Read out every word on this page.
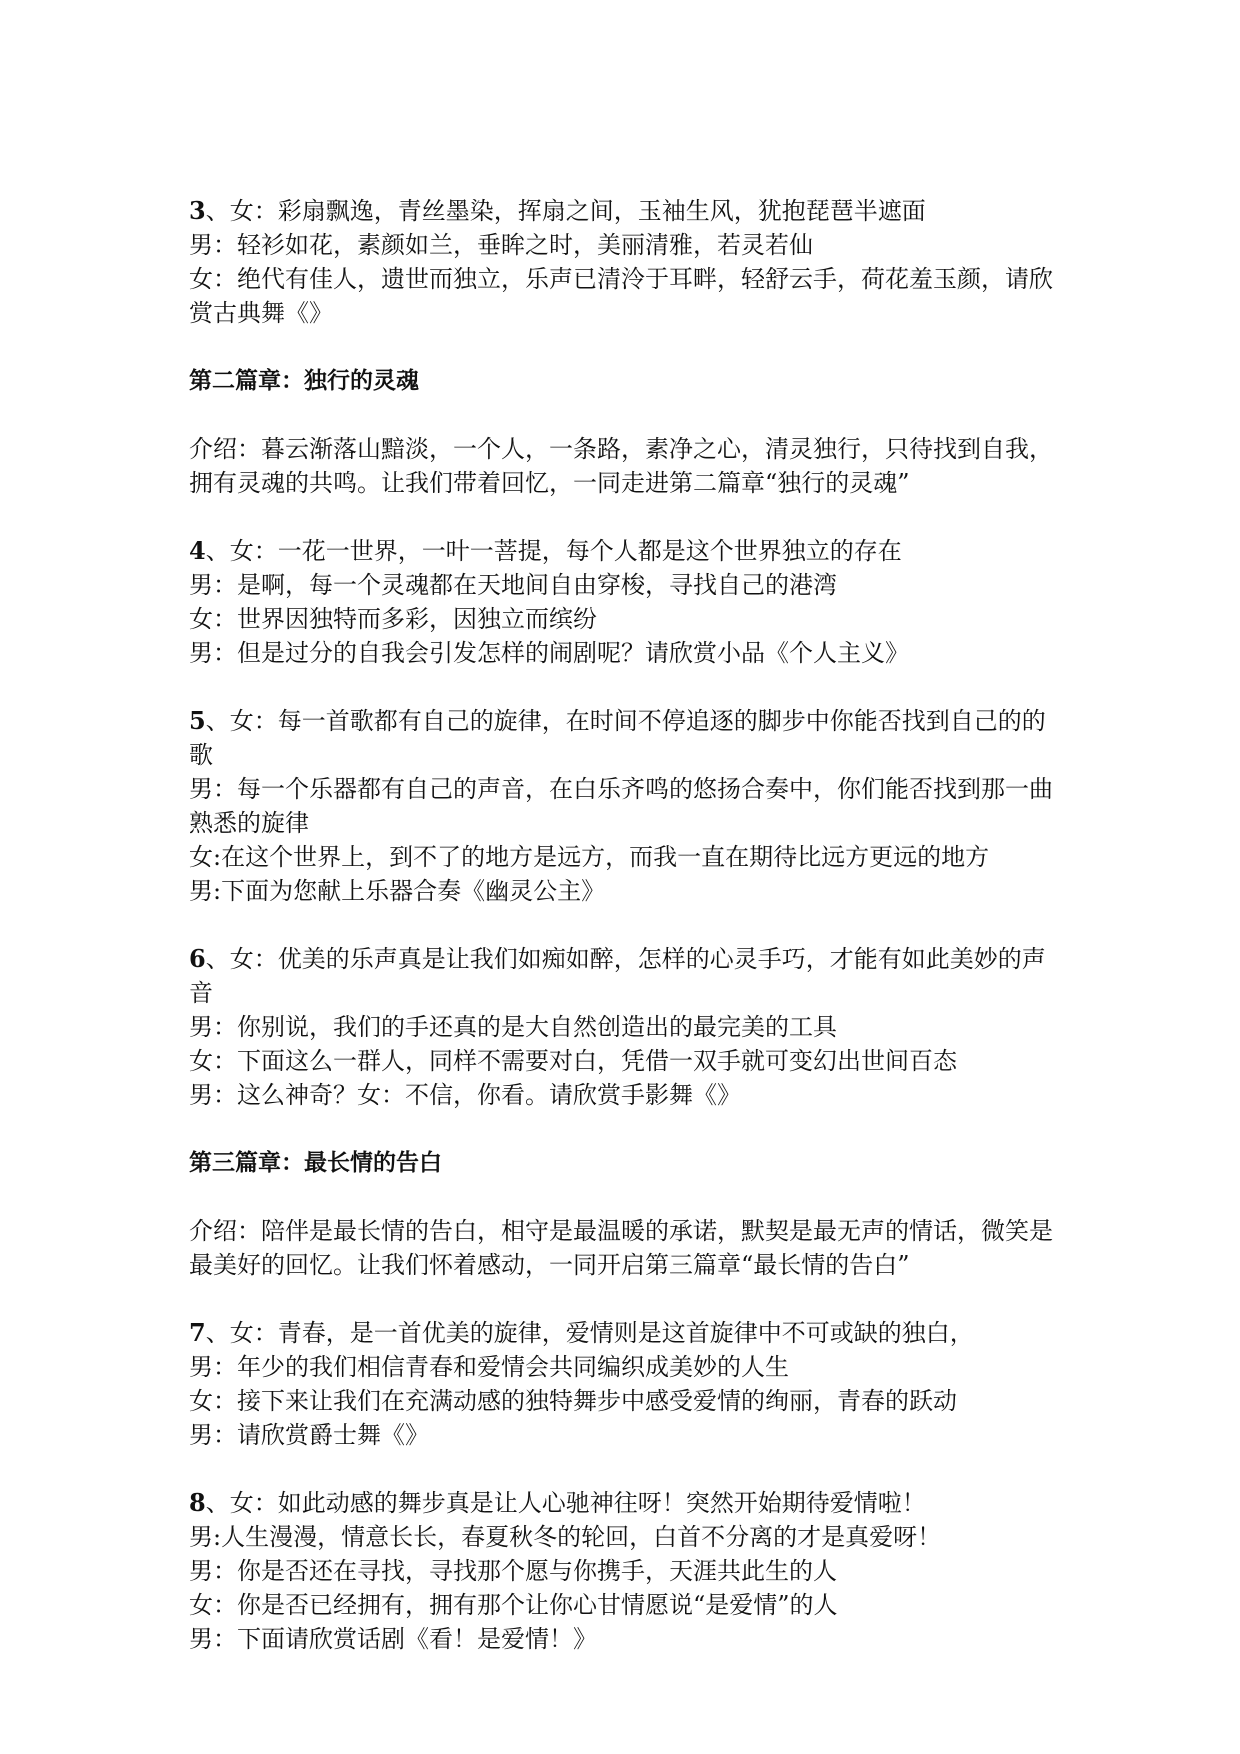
3、女：彩扇飘逸，青丝墨染，挥扇之间，玉袖生风，犹抱琵琶半遮面
男：轻衫如花，素颜如兰，垂眸之时，美丽清雅，若灵若仙
女：绝代有佳人，遗世而独立，乐声已清泠于耳畔，轻舒云手，荷花羞玉颜，请欣赏古典舞《》
第二篇章：独行的灵魂
介绍：暮云渐落山黯淡，一个人，一条路，素净之心，清灵独行，只待找到自我，拥有灵魂的共鸣。让我们带着回忆，一同走进第二篇章“独行的灵魂”
4、女：一花一世界，一叶一菩提，每个人都是这个世界独立的存在
男：是啊，每一个灵魂都在天地间自由穿梭，寻找自己的港湾
女：世界因独特而多彩，因独立而缤纷
男：但是过分的自我会引发怎样的闹剧呢？请欣赏小品《个人主义》
5、女：每一首歌都有自己的旋律，在时间不停追逐的脚步中你能否找到自己的的歌
男：每一个乐器都有自己的声音，在白乐齐鸣的悠扬合奏中，你们能否找到那一曲熟悉的旋律
女:在这个世界上，到不了的地方是远方，而我一直在期待比远方更远的地方
男:下面为您献上乐器合奏《幽灵公主》
6、女：优美的乐声真是让我们如痴如醉，怎样的心灵手巧，才能有如此美妙的声音
男：你别说，我们的手还真的是大自然创造出的最完美的工具
女：下面这么一群人，同样不需要对白，凭借一双手就可变幻出世间百态
男：这么神奇？女：不信，你看。请欣赏手影舞《》
第三篇章：最长情的告白
介绍：陪伴是最长情的告白，相守是最温暖的承诺，默契是最无声的情话，微笑是最美好的回忆。让我们怀着感动，一同开启第三篇章“最长情的告白”
7、女：青春，是一首优美的旋律，爱情则是这首旋律中不可或缺的独白，
男：年少的我们相信青春和爱情会共同编织成美妙的人生
女：接下来让我们在充满动感的独特舞步中感受爱情的绚丽，青春的跃动
男：请欣赏爵士舞《》
8、女：如此动感的舞步真是让人心驰神往呀！突然开始期待爱情啦！
男:人生漫漫，情意长长，春夏秋冬的轮回，白首不分离的才是真爱呀！
男：你是否还在寻找，寻找那个愿与你携手，天涯共此生的人
女：你是否已经拥有，拥有那个让你心甘情愿说“是爱情”的人
男：下面请欣赏话剧《看！是爱情！》
